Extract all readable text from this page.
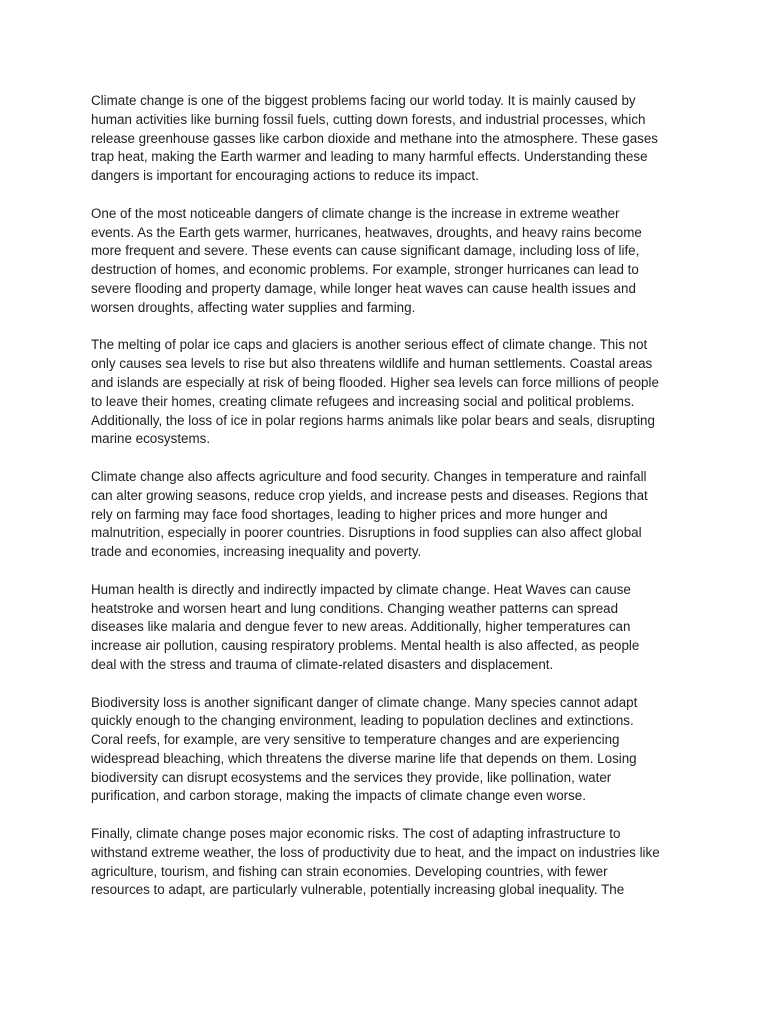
Climate change is one of the biggest problems facing our world today. It is mainly caused by
human activities like burning fossil fuels, cutting down forests, and industrial processes, which
release greenhouse gasses like carbon dioxide and methane into the atmosphere. These gases
trap heat, making the Earth warmer and leading to many harmful effects. Understanding these
dangers is important for encouraging actions to reduce its impact.

One of the most noticeable dangers of climate change is the increase in extreme weather
events. As the Earth gets warmer, hurricanes, heatwaves, droughts, and heavy rains become
more frequent and severe. These events can cause significant damage, including loss of life,
destruction of homes, and economic problems. For example, stronger hurricanes can lead to
severe flooding and property damage, while longer heat waves can cause health issues and
worsen droughts, affecting water supplies and farming.

The melting of polar ice caps and glaciers is another serious effect of climate change. This not
only causes sea levels to rise but also threatens wildlife and human settlements. Coastal areas
and islands are especially at risk of being flooded. Higher sea levels can force millions of people
to leave their homes, creating climate refugees and increasing social and political problems.
Additionally, the loss of ice in polar regions harms animals like polar bears and seals, disrupting
marine ecosystems.

Climate change also affects agriculture and food security. Changes in temperature and rainfall
can alter growing seasons, reduce crop yields, and increase pests and diseases. Regions that
rely on farming may face food shortages, leading to higher prices and more hunger and
malnutrition, especially in poorer countries. Disruptions in food supplies can also affect global
trade and economies, increasing inequality and poverty.

Human health is directly and indirectly impacted by climate change. Heat Waves can cause
heatstroke and worsen heart and lung conditions. Changing weather patterns can spread
diseases like malaria and dengue fever to new areas. Additionally, higher temperatures can
increase air pollution, causing respiratory problems. Mental health is also affected, as people
deal with the stress and trauma of climate-related disasters and displacement.

Biodiversity loss is another significant danger of climate change. Many species cannot adapt
quickly enough to the changing environment, leading to population declines and extinctions.
Coral reefs, for example, are very sensitive to temperature changes and are experiencing
widespread bleaching, which threatens the diverse marine life that depends on them. Losing
biodiversity can disrupt ecosystems and the services they provide, like pollination, water
purification, and carbon storage, making the impacts of climate change even worse.

Finally, climate change poses major economic risks. The cost of adapting infrastructure to
withstand extreme weather, the loss of productivity due to heat, and the impact on industries like
agriculture, tourism, and fishing can strain economies. Developing countries, with fewer
resources to adapt, are particularly vulnerable, potentially increasing global inequality. The
